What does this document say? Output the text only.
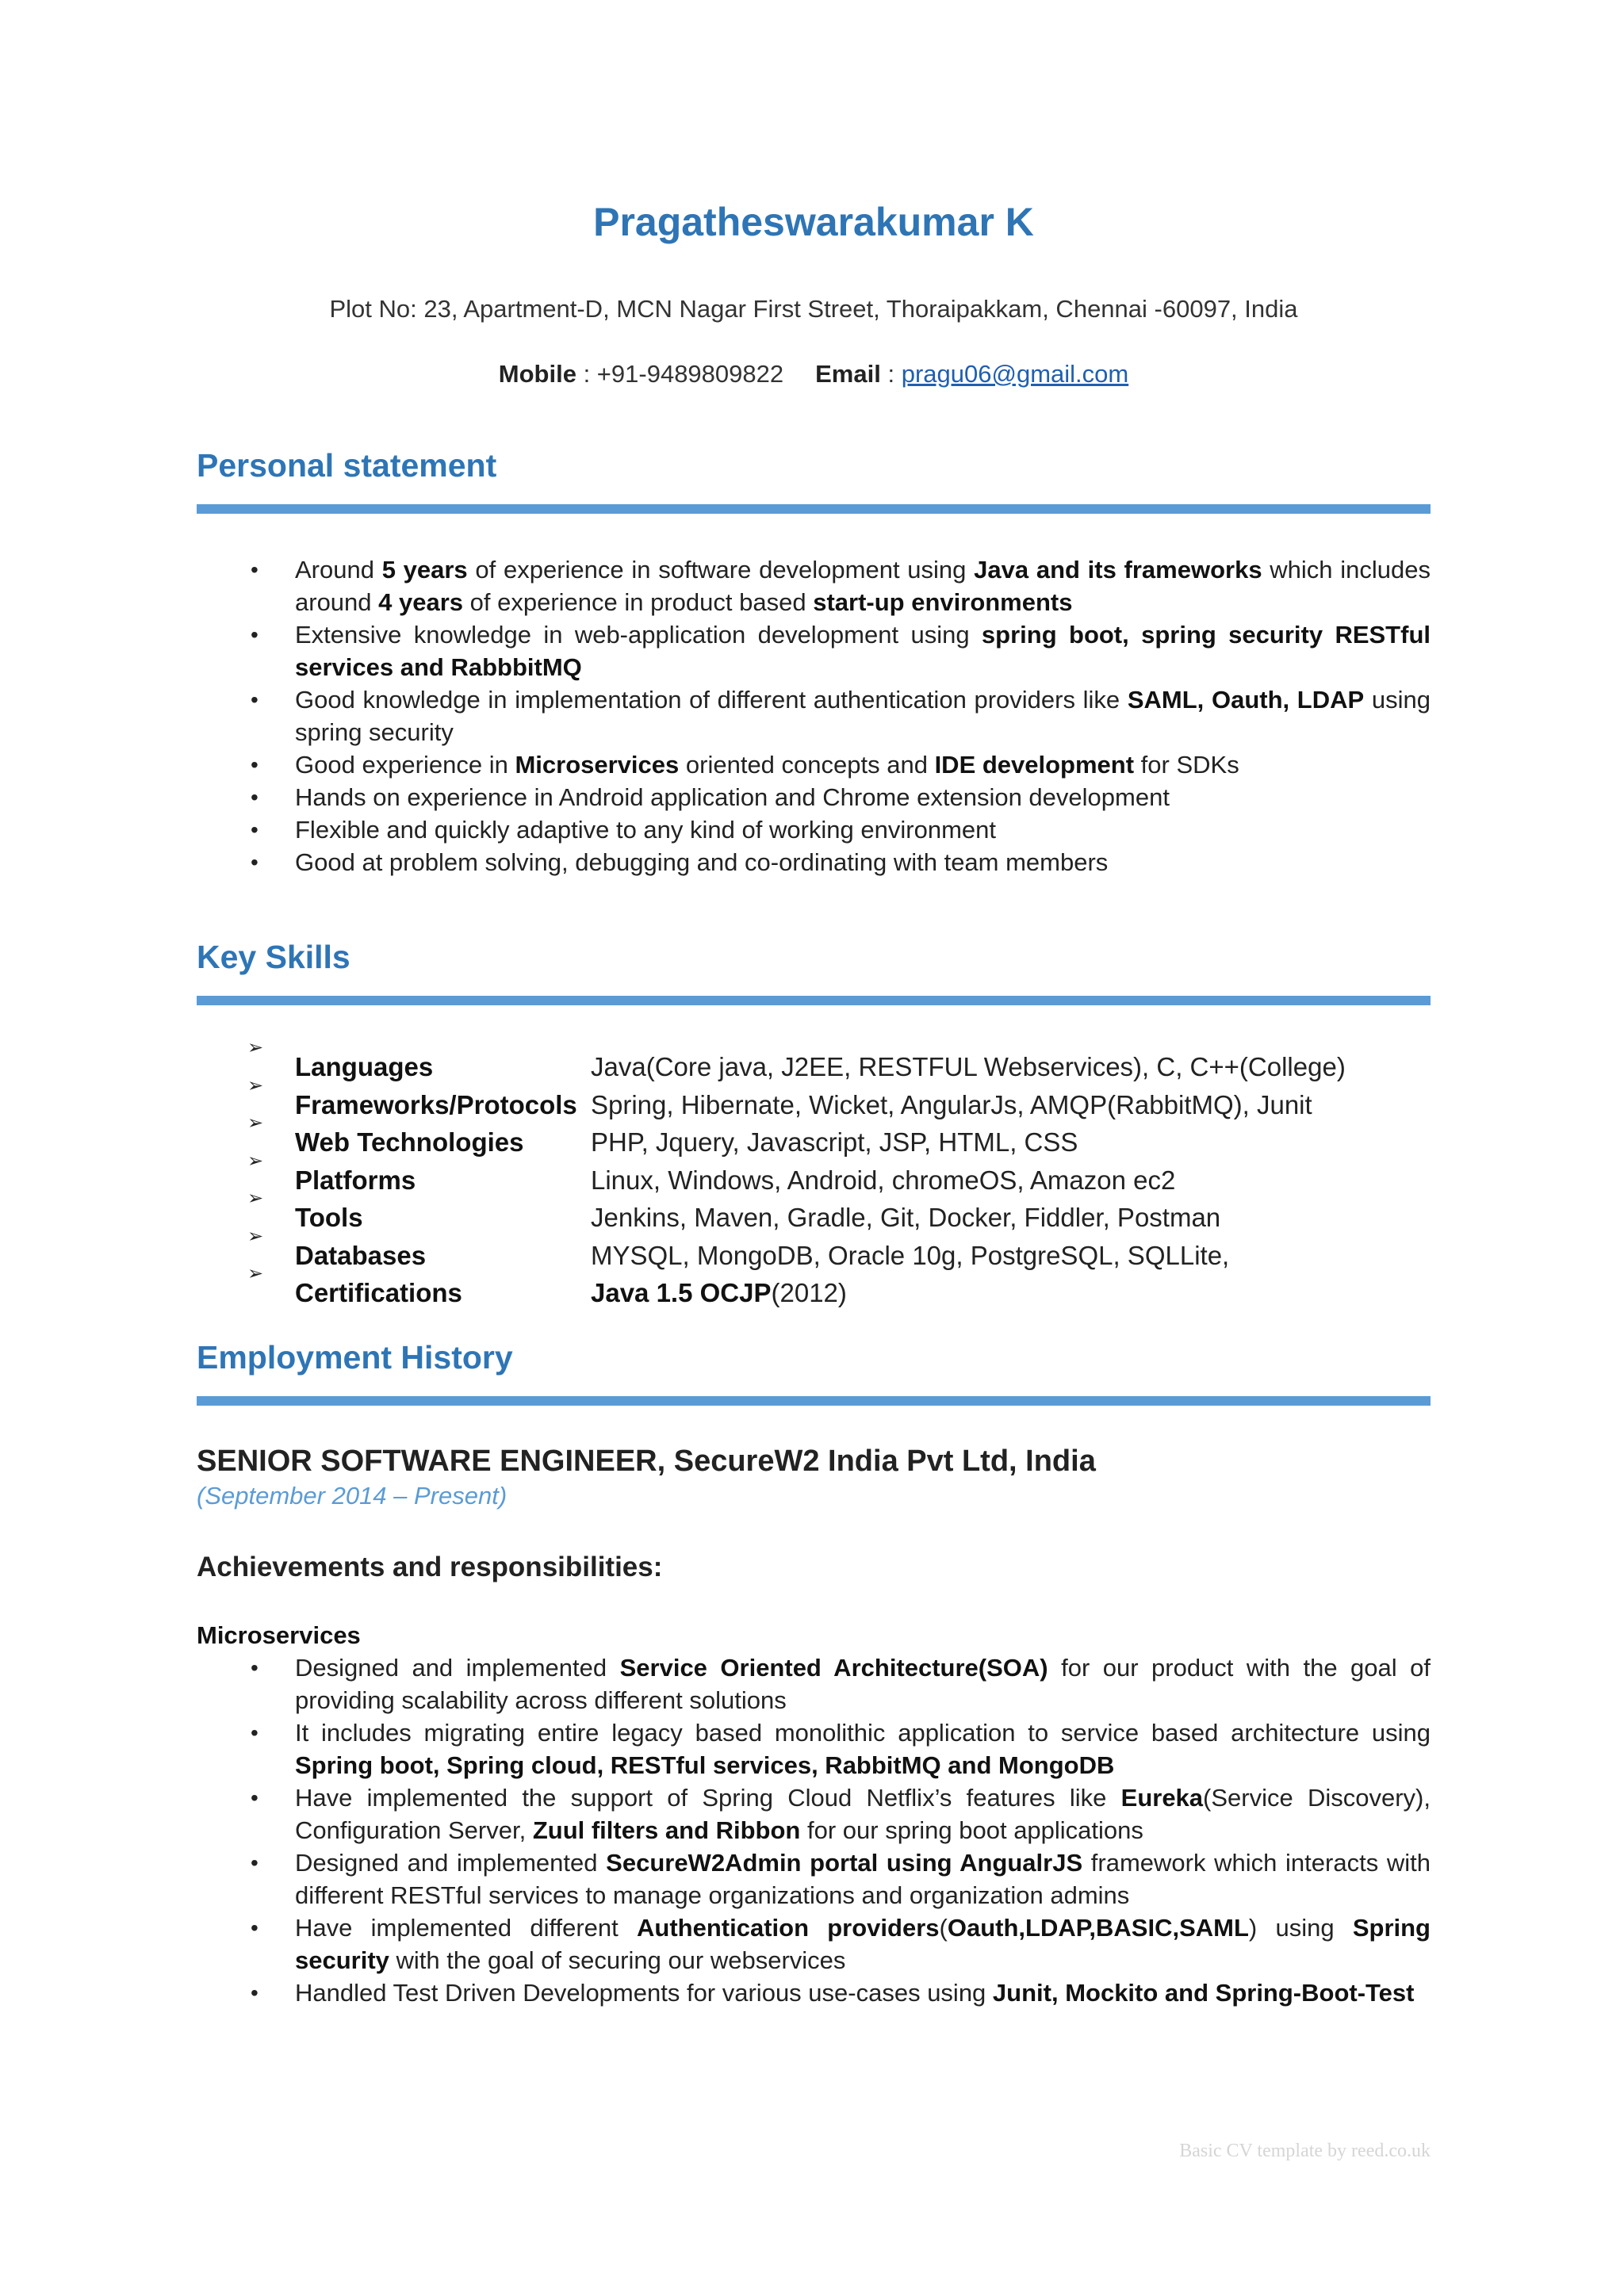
Pragatheswarakumar K
Plot No: 23, Apartment-D, MCN Nagar First Street, Thoraipakkam, Chennai -60097, India
Mobile : +91-9489809822 Email : pragu06@gmail.com
Personal statement
• Around 5 years of experience in software development using Java and its frameworks which includes around 4 years of experience in product based start-up environments
• Extensive knowledge in web-application development using spring boot, spring security RESTful services and RabbbitMQ
• Good knowledge in implementation of different authentication providers like SAML, Oauth, LDAP using spring security
• Good experience in Microservices oriented concepts and IDE development for SDKs
• Hands on experience in Android application and Chrome extension development
• Flexible and quickly adaptive to any kind of working environment
• Good at problem solving, debugging and co-ordinating with team members
Key Skills
➢
Languages	Java(Core java, J2EE, RESTFUL Webservices), C, C++(College)
➢
Frameworks/Protocols Spring, Hibernate, Wicket, AngularJs, AMQP(RabbitMQ), Junit
➢
Web Technologies	PHP, Jquery, Javascript, JSP, HTML, CSS
➢
Platforms	Linux, Windows, Android, chromeOS, Amazon ec2
➢
Tools	Jenkins, Maven, Gradle, Git, Docker, Fiddler, Postman
➢
Databases	MYSQL, MongoDB, Oracle 10g, PostgreSQL, SQLLite,
➢
Certifications	Java 1.5 OCJP(2012)
Employment History
SENIOR SOFTWARE ENGINEER, SecureW2 India Pvt Ltd, India
(September 2014 – Present)
Achievements and responsibilities:
Microservices
• Designed and implemented Service Oriented Architecture(SOA) for our product with the goal of providing scalability across different solutions
• It includes migrating entire legacy based monolithic application to service based architecture using Spring boot, Spring cloud, RESTful services, RabbitMQ and MongoDB
• Have implemented the support of Spring Cloud Netflix’s features like Eureka(Service Discovery), Configuration Server, Zuul filters and Ribbon for our spring boot applications
• Designed and implemented SecureW2Admin portal using AngualrJS framework which interacts with different RESTful services to manage organizations and organization admins
• Have implemented different Authentication providers(Oauth,LDAP,BASIC,SAML) using Spring security with the goal of securing our webservices
• Handled Test Driven Developments for various use-cases using Junit, Mockito and Spring-Boot-Test
Basic CV template by reed.co.uk
